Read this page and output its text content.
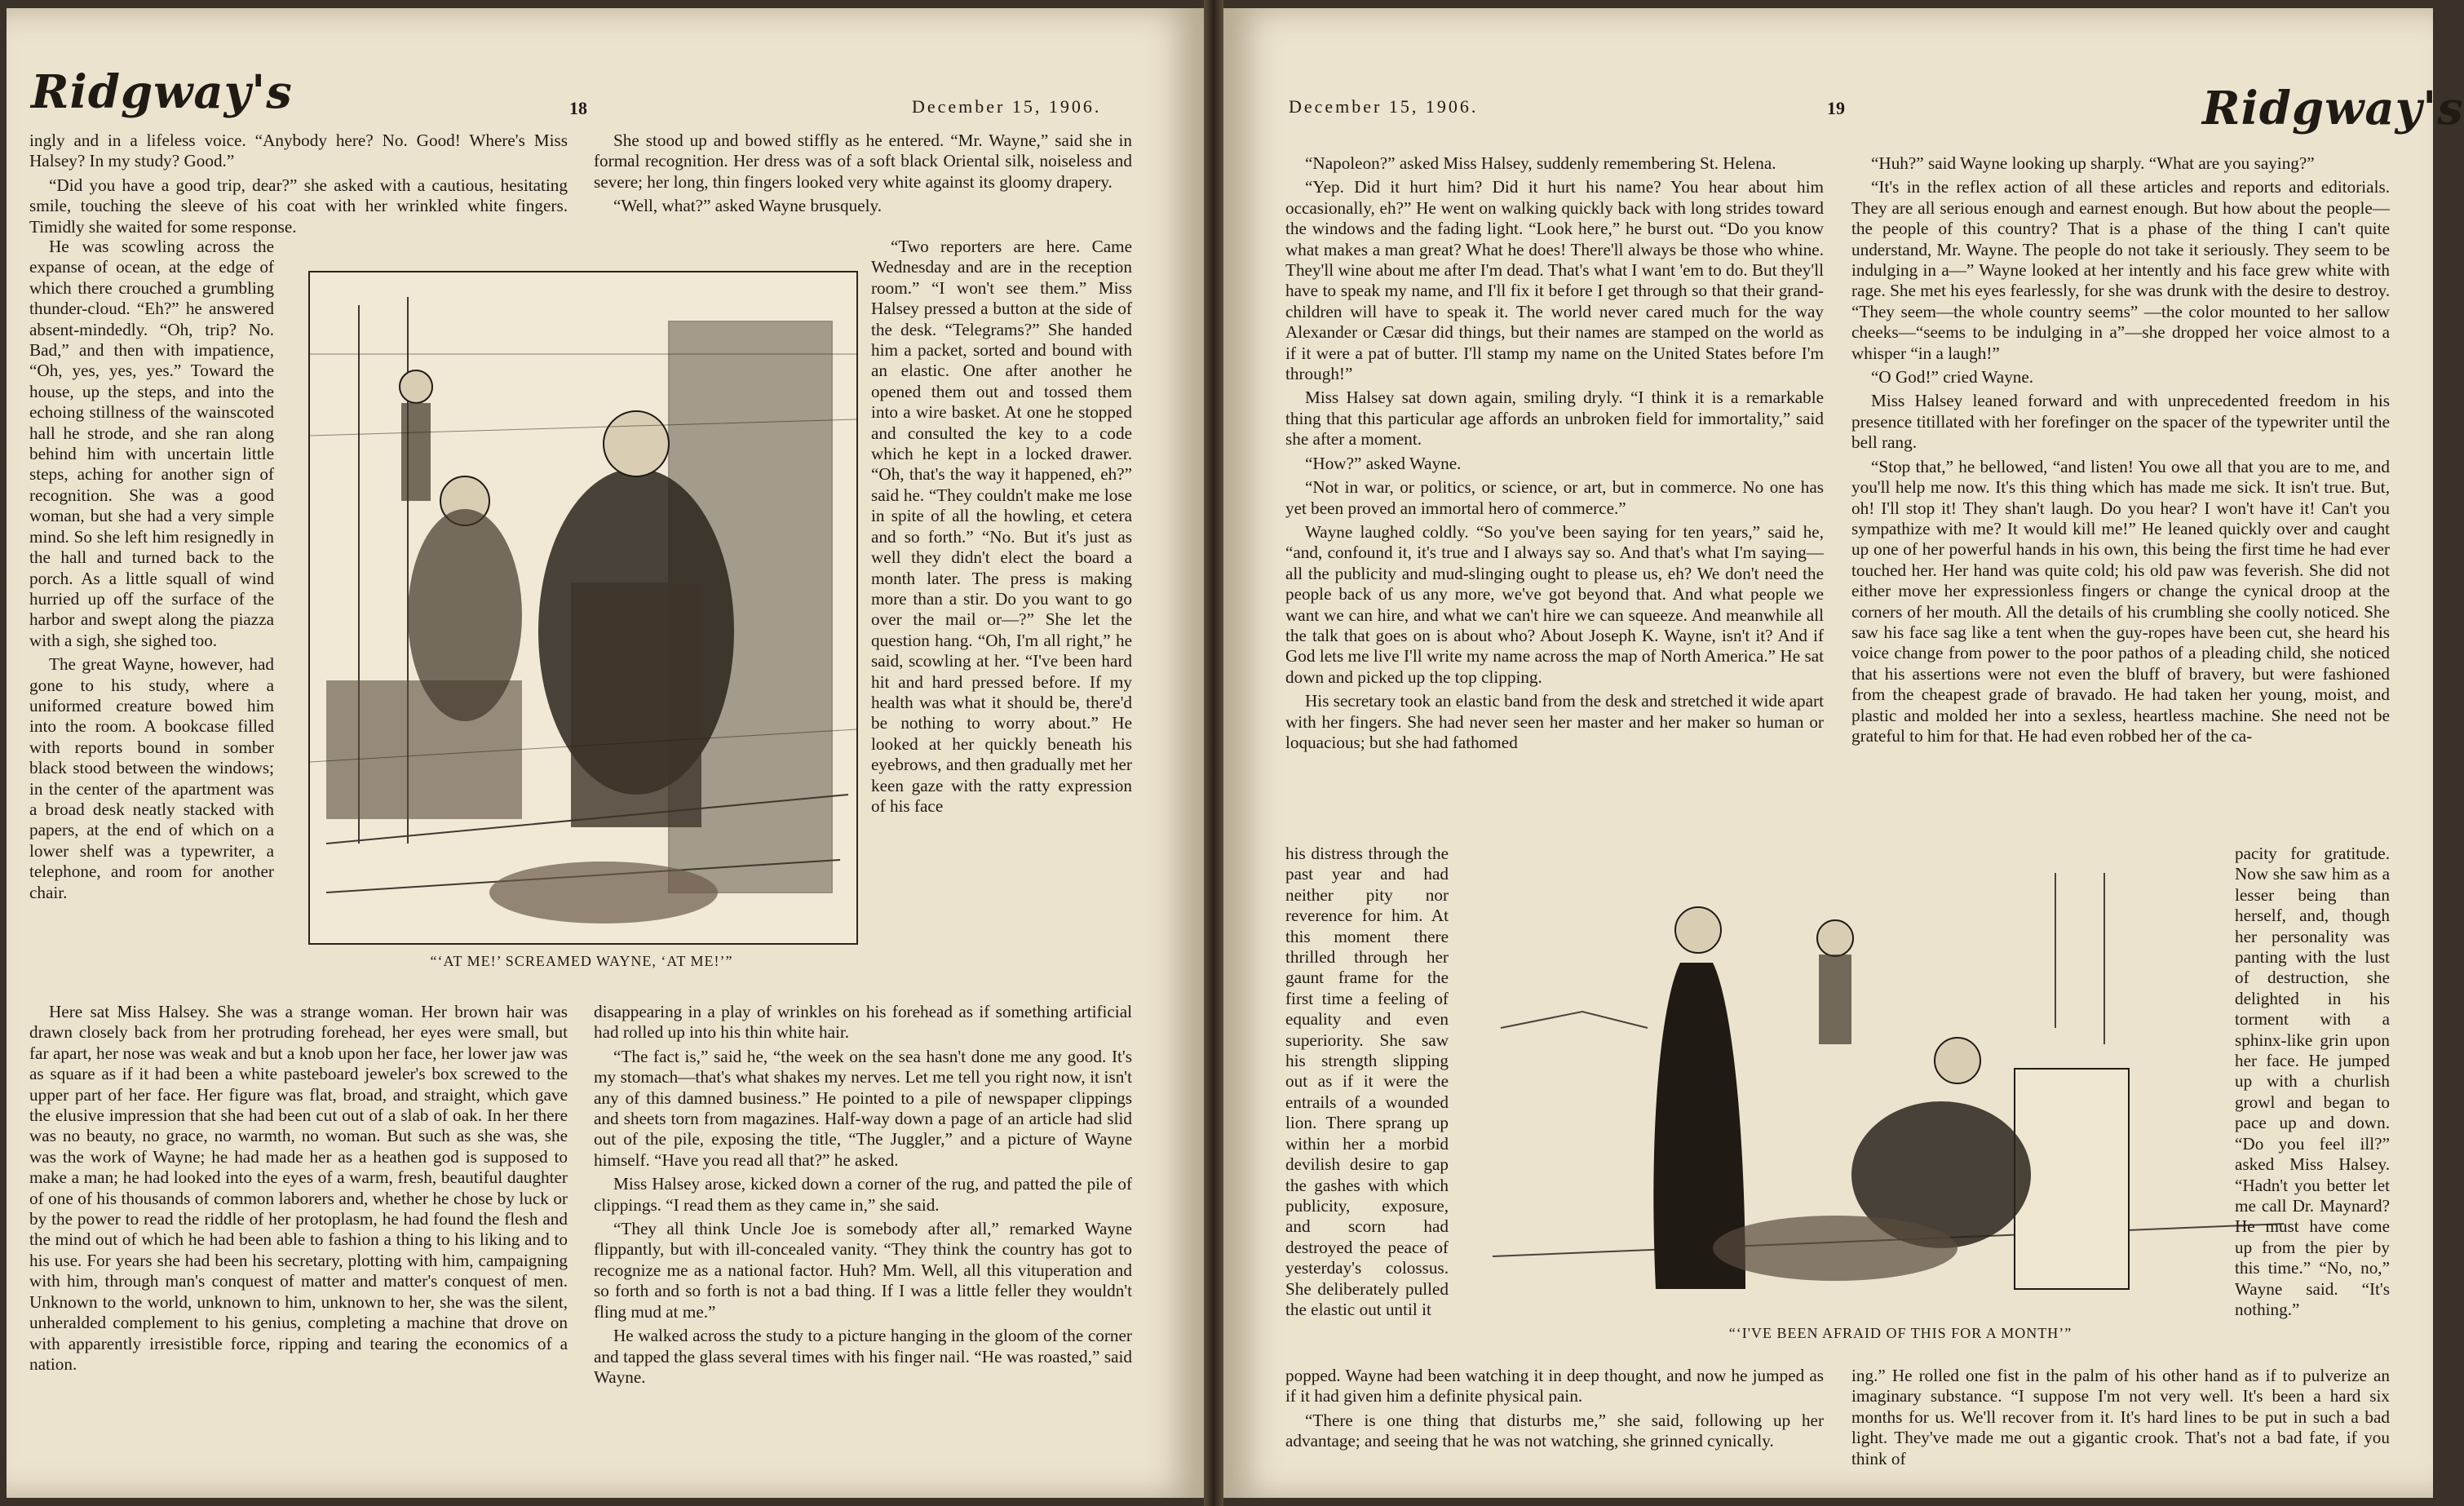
Ridgway's	18	December 15, 1906.

ingly and in a lifeless voice. “Anybody here? No. Good! Where's Miss Halsey? In my study? Good.”

“Did you have a good trip, dear?” she asked with a cautious, hesitating smile, touching the sleeve of his coat with her wrinkled white fingers. Timidly she waited for some response.

He was scowling across the expanse of ocean, at the edge of which there crouched a grumbling thunder-cloud. “Eh?” he answered absent-mindedly. “Oh, trip? No. Bad,” and then with impatience, “Oh, yes, yes, yes.” Toward the house, up the steps, and into the echoing stillness of the wainscoted hall he strode, and she ran along behind him with uncertain little steps, aching for another sign of recognition. She was a good woman, but she had a very simple mind. So she left him resignedly in the hall and turned back to the porch. As a little squall of wind hurried up off the surface of the harbor and swept along the piazza with a sigh, she sighed too.
The great Wayne, however, had gone to his study, where a uniformed creature bowed him into the room. A bookcase filled with reports bound in somber black stood between the windows; in the center of the apartment was a broad desk neatly stacked with papers, at the end of which on a lower shelf was a typewriter, a telephone, and room for another chair.
“‘AT ME!’ SCREAMED WAYNE, ‘AT ME!’”

Here sat Miss Halsey. She was a strange woman. Her brown hair was drawn closely back from her protruding forehead, her eyes were small, but far apart, her nose was weak and but a knob upon her face, her lower jaw was as square as if it had been a white pasteboard jeweler's box screwed to the upper part of her face. Her figure was flat, broad, and straight, which gave the elusive impression that she had been cut out of a slab of oak. In her there was no beauty, no grace, no warmth, no woman. But such as she was, she was the work of Wayne; he had made her as a heathen god is supposed to make a man; he had looked into the eyes of a warm, fresh, beautiful daughter of one of his thousands of common laborers and, whether he chose by luck or by the power to read the riddle of her protoplasm, he had found the flesh and the mind out of which he had been able to fashion a thing to his liking and to his use. For years she had been his secretary, plotting with him, campaigning with him, through man's conquest of matter and matter's conquest of men. Unknown to the world, unknown to him, unknown to her, she was the silent, unheralded complement to his genius, completing a machine that drove on with apparently irresistible force, ripping and tearing the economics of a nation.

She stood up and bowed stiffly as he entered. “Mr. Wayne,” said she in formal recognition. Her dress was of a soft black Oriental silk, noiseless and severe; her long, thin fingers looked very white against its gloomy drapery.

“Well, what?” asked Wayne brusquely.

“Two reporters are here. Came Wednesday and are in the reception room.” “I won't see them.” Miss Halsey pressed a button at the side of the desk. “Telegrams?” She handed him a packet, sorted and bound with an elastic. One after another he opened them out and tossed them into a wire basket. At one he stopped and consulted the key to a code which he kept in a locked drawer. “Oh, that's the way it happened, eh?” said he. “They couldn't make me lose in spite of all the howling, et cetera and so forth.” “No. But it's just as well they didn't elect the board a month later. The press is making more than a stir. Do you want to go over the mail or—?” She let the question hang. “Oh, I'm all right,” he said, scowling at her. “I've been hard hit and hard pressed before. If my health was what it should be, there'd be nothing to worry about.” He looked at her quickly beneath his eyebrows, and then gradually met her keen gaze with the ratty expression of his face

disappearing in a play of wrinkles on his forehead as if something artificial had rolled up into his thin white hair.

“The fact is,” said he, “the week on the sea hasn't done me any good. It's my stomach—that's what shakes my nerves. Let me tell you right now, it isn't any of this damned business.” He pointed to a pile of newspaper clippings and sheets torn from magazines. Half-way down a page of an article had slid out of the pile, exposing the title, “The Juggler,” and a picture of Wayne himself. “Have you read all that?” he asked.

Miss Halsey arose, kicked down a corner of the rug, and patted the pile of clippings. “I read them as they came in,” she said.

“They all think Uncle Joe is somebody after all,” remarked Wayne flippantly, but with ill-concealed vanity. “They think the country has got to recognize me as a national factor. Huh? Mm. Well, all this vituperation and so forth and so forth is not a bad thing. If I was a little feller they wouldn't fling mud at me.”

He walked across the study to a picture hanging in the gloom of the corner and tapped the glass several times with his finger nail. “He was roasted,” said Wayne.

December 15, 1906.	19	Ridgway's

“Napoleon?” asked Miss Halsey, suddenly remembering St. Helena.

“Yep. Did it hurt him? Did it hurt his name? You hear about him occasionally, eh?” He went on walking quickly back with long strides toward the windows and the fading light. “Look here,” he burst out. “Do you know what makes a man great? What he does! There'll always be those who whine. They'll wine about me after I'm dead. That's what I want 'em to do. But they'll have to speak my name, and I'll fix it before I get through so that their grand-children will have to speak it. The world never cared much for the way Alexander or Cæsar did things, but their names are stamped on the world as if it were a pat of butter. I'll stamp my name on the United States before I'm through!”

Miss Halsey sat down again, smiling dryly. “I think it is a remarkable thing that this particular age affords an unbroken field for immortality,” said she after a moment.

“How?” asked Wayne.

“Not in war, or politics, or science, or art, but in commerce. No one has yet been proved an immortal hero of commerce.”

Wayne laughed coldly. “So you've been saying for ten years,” said he, “and, confound it, it's true and I always say so. And that's what I'm saying—all the publicity and mud-slinging ought to please us, eh? We don't need the people back of us any more, we've got beyond that. And what people we want we can hire, and what we can't hire we can squeeze. And meanwhile all the talk that goes on is about who? About Joseph K. Wayne, isn't it? And if God lets me live I'll write my name across the map of North America.” He sat down and picked up the top clipping.

His secretary took an elastic band from the desk and stretched it wide apart with her fingers. She had never seen her master and her maker so human or loquacious; but she had fathomed

his distress through the past year and had neither pity nor reverence for him. At this moment there thrilled through her gaunt frame for the first time a feeling of equality and even superiority. She saw his strength slipping out as if it were the entrails of a wounded lion. There sprang up within her a morbid devilish desire to gap the gashes with which publicity, exposure, and scorn had destroyed the peace of yesterday's colossus. She deliberately pulled the elastic out until it
“‘I'VE BEEN AFRAID OF THIS FOR A MONTH’”

popped. Wayne had been watching it in deep thought, and now he jumped as if it had given him a definite physical pain.

“There is one thing that disturbs me,” she said, following up her advantage; and seeing that he was not watching, she grinned cynically.

“Huh?” said Wayne looking up sharply. “What are you saying?”

“It's in the reflex action of all these articles and reports and editorials. They are all serious enough and earnest enough. But how about the people—the people of this country? That is a phase of the thing I can't quite understand, Mr. Wayne. The people do not take it seriously. They seem to be indulging in a—” Wayne looked at her intently and his face grew white with rage. She met his eyes fearlessly, for she was drunk with the desire to destroy. “They seem—the whole country seems” —the color mounted to her sallow cheeks—“seems to be indulging in a”—she dropped her voice almost to a whisper “in a laugh!”

“O God!” cried Wayne.

Miss Halsey leaned forward and with unprecedented freedom in his presence titillated with her forefinger on the spacer of the typewriter until the bell rang.

“Stop that,” he bellowed, “and listen! You owe all that you are to me, and you'll help me now. It's this thing which has made me sick. It isn't true. But, oh! I'll stop it! They shan't laugh. Do you hear? I won't have it! Can't you sympathize with me? It would kill me!” He leaned quickly over and caught up one of her powerful hands in his own, this being the first time he had ever touched her. Her hand was quite cold; his old paw was feverish. She did not either move her expressionless fingers or change the cynical droop at the corners of her mouth. All the details of his crumbling she coolly noticed. She saw his face sag like a tent when the guy-ropes have been cut, she heard his voice change from power to the poor pathos of a pleading child, she noticed that his assertions were not even the bluff of bravery, but were fashioned from the cheapest grade of bravado. He had taken her young, moist, and plastic and molded her into a sexless, heartless machine. She need not be grateful to him for that. He had even robbed her of the ca-

pacity for gratitude. Now she saw him as a lesser being than herself, and, though her personality was panting with the lust of destruction, she delighted in his torment with a sphinx-like grin upon her face. He jumped up with a churlish growl and began to pace up and down. “Do you feel ill?” asked Miss Halsey. “Hadn't you better let me call Dr. Maynard? He must have come up from the pier by this time.” “No, no,” Wayne said. “It's nothing.”

ing.” He rolled one fist in the palm of his other hand as if to pulverize an imaginary substance. “I suppose I'm not very well. It's been a hard six months for us. We'll recover from it. It's hard lines to be put in such a bad light. They've made me out a gigantic crook. That's not a bad fate, if you think of
